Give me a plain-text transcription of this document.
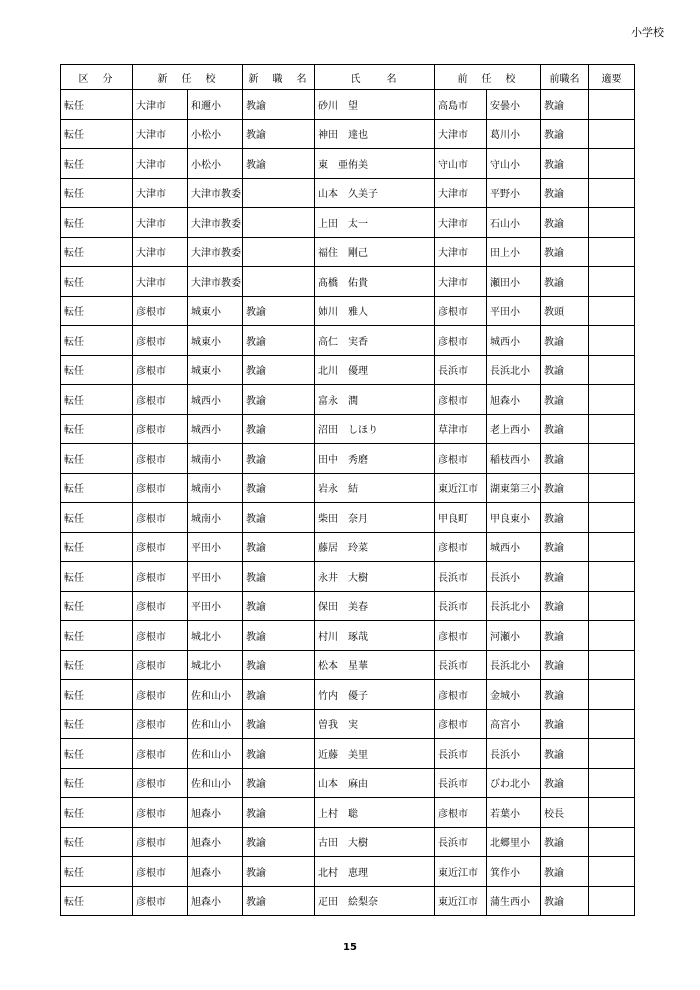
小学校
区　分	新　任　校		新　職　名	氏　　名	前　任　校		前職名	適要
転任	大津市	和邇小	教諭	砂川 望	高島市	安曇小	教諭	
転任	大津市	小松小	教諭	神田 達也	大津市	葛川小	教諭	
転任	大津市	小松小	教諭	東 亜侑美	守山市	守山小	教諭	
転任	大津市	大津市教委		山本 久美子	大津市	平野小	教諭	
転任	大津市	大津市教委		上田 太一	大津市	石山小	教諭	
転任	大津市	大津市教委		福住 剛己	大津市	田上小	教諭	
転任	大津市	大津市教委		髙橋 佑貴	大津市	瀬田小	教諭	
転任	彦根市	城東小	教諭	姉川 雅人	彦根市	平田小	教頭	
転任	彦根市	城東小	教諭	高仁 実香	彦根市	城西小	教諭	
転任	彦根市	城東小	教諭	北川 優理	長浜市	長浜北小	教諭	
転任	彦根市	城西小	教諭	富永 潤	彦根市	旭森小	教諭	
転任	彦根市	城西小	教諭	沼田 しほり	草津市	老上西小	教諭	
転任	彦根市	城南小	教諭	田中 秀磨	彦根市	稲枝西小	教諭	
転任	彦根市	城南小	教諭	岩永 結	東近江市	湖東第三小	教諭	
転任	彦根市	城南小	教諭	柴田 奈月	甲良町	甲良東小	教諭	
転任	彦根市	平田小	教諭	藤居 玲菜	彦根市	城西小	教諭	
転任	彦根市	平田小	教諭	永井 大樹	長浜市	長浜小	教諭	
転任	彦根市	平田小	教諭	保田 美春	長浜市	長浜北小	教諭	
転任	彦根市	城北小	教諭	村川 琢哉	彦根市	河瀬小	教諭	
転任	彦根市	城北小	教諭	松本 星華	長浜市	長浜北小	教諭	
転任	彦根市	佐和山小	教諭	竹内 優子	彦根市	金城小	教諭	
転任	彦根市	佐和山小	教諭	曽我 実	彦根市	高宮小	教諭	
転任	彦根市	佐和山小	教諭	近藤 美里	長浜市	長浜小	教諭	
転任	彦根市	佐和山小	教諭	山本 麻由	長浜市	びわ北小	教諭	
転任	彦根市	旭森小	教諭	上村 聡	彦根市	若葉小	校長	
転任	彦根市	旭森小	教諭	古田 大樹	長浜市	北郷里小	教諭	
転任	彦根市	旭森小	教諭	北村 恵理	東近江市	箕作小	教諭	
転任	彦根市	旭森小	教諭	疋田 絵梨奈	東近江市	蒲生西小	教諭	
15
